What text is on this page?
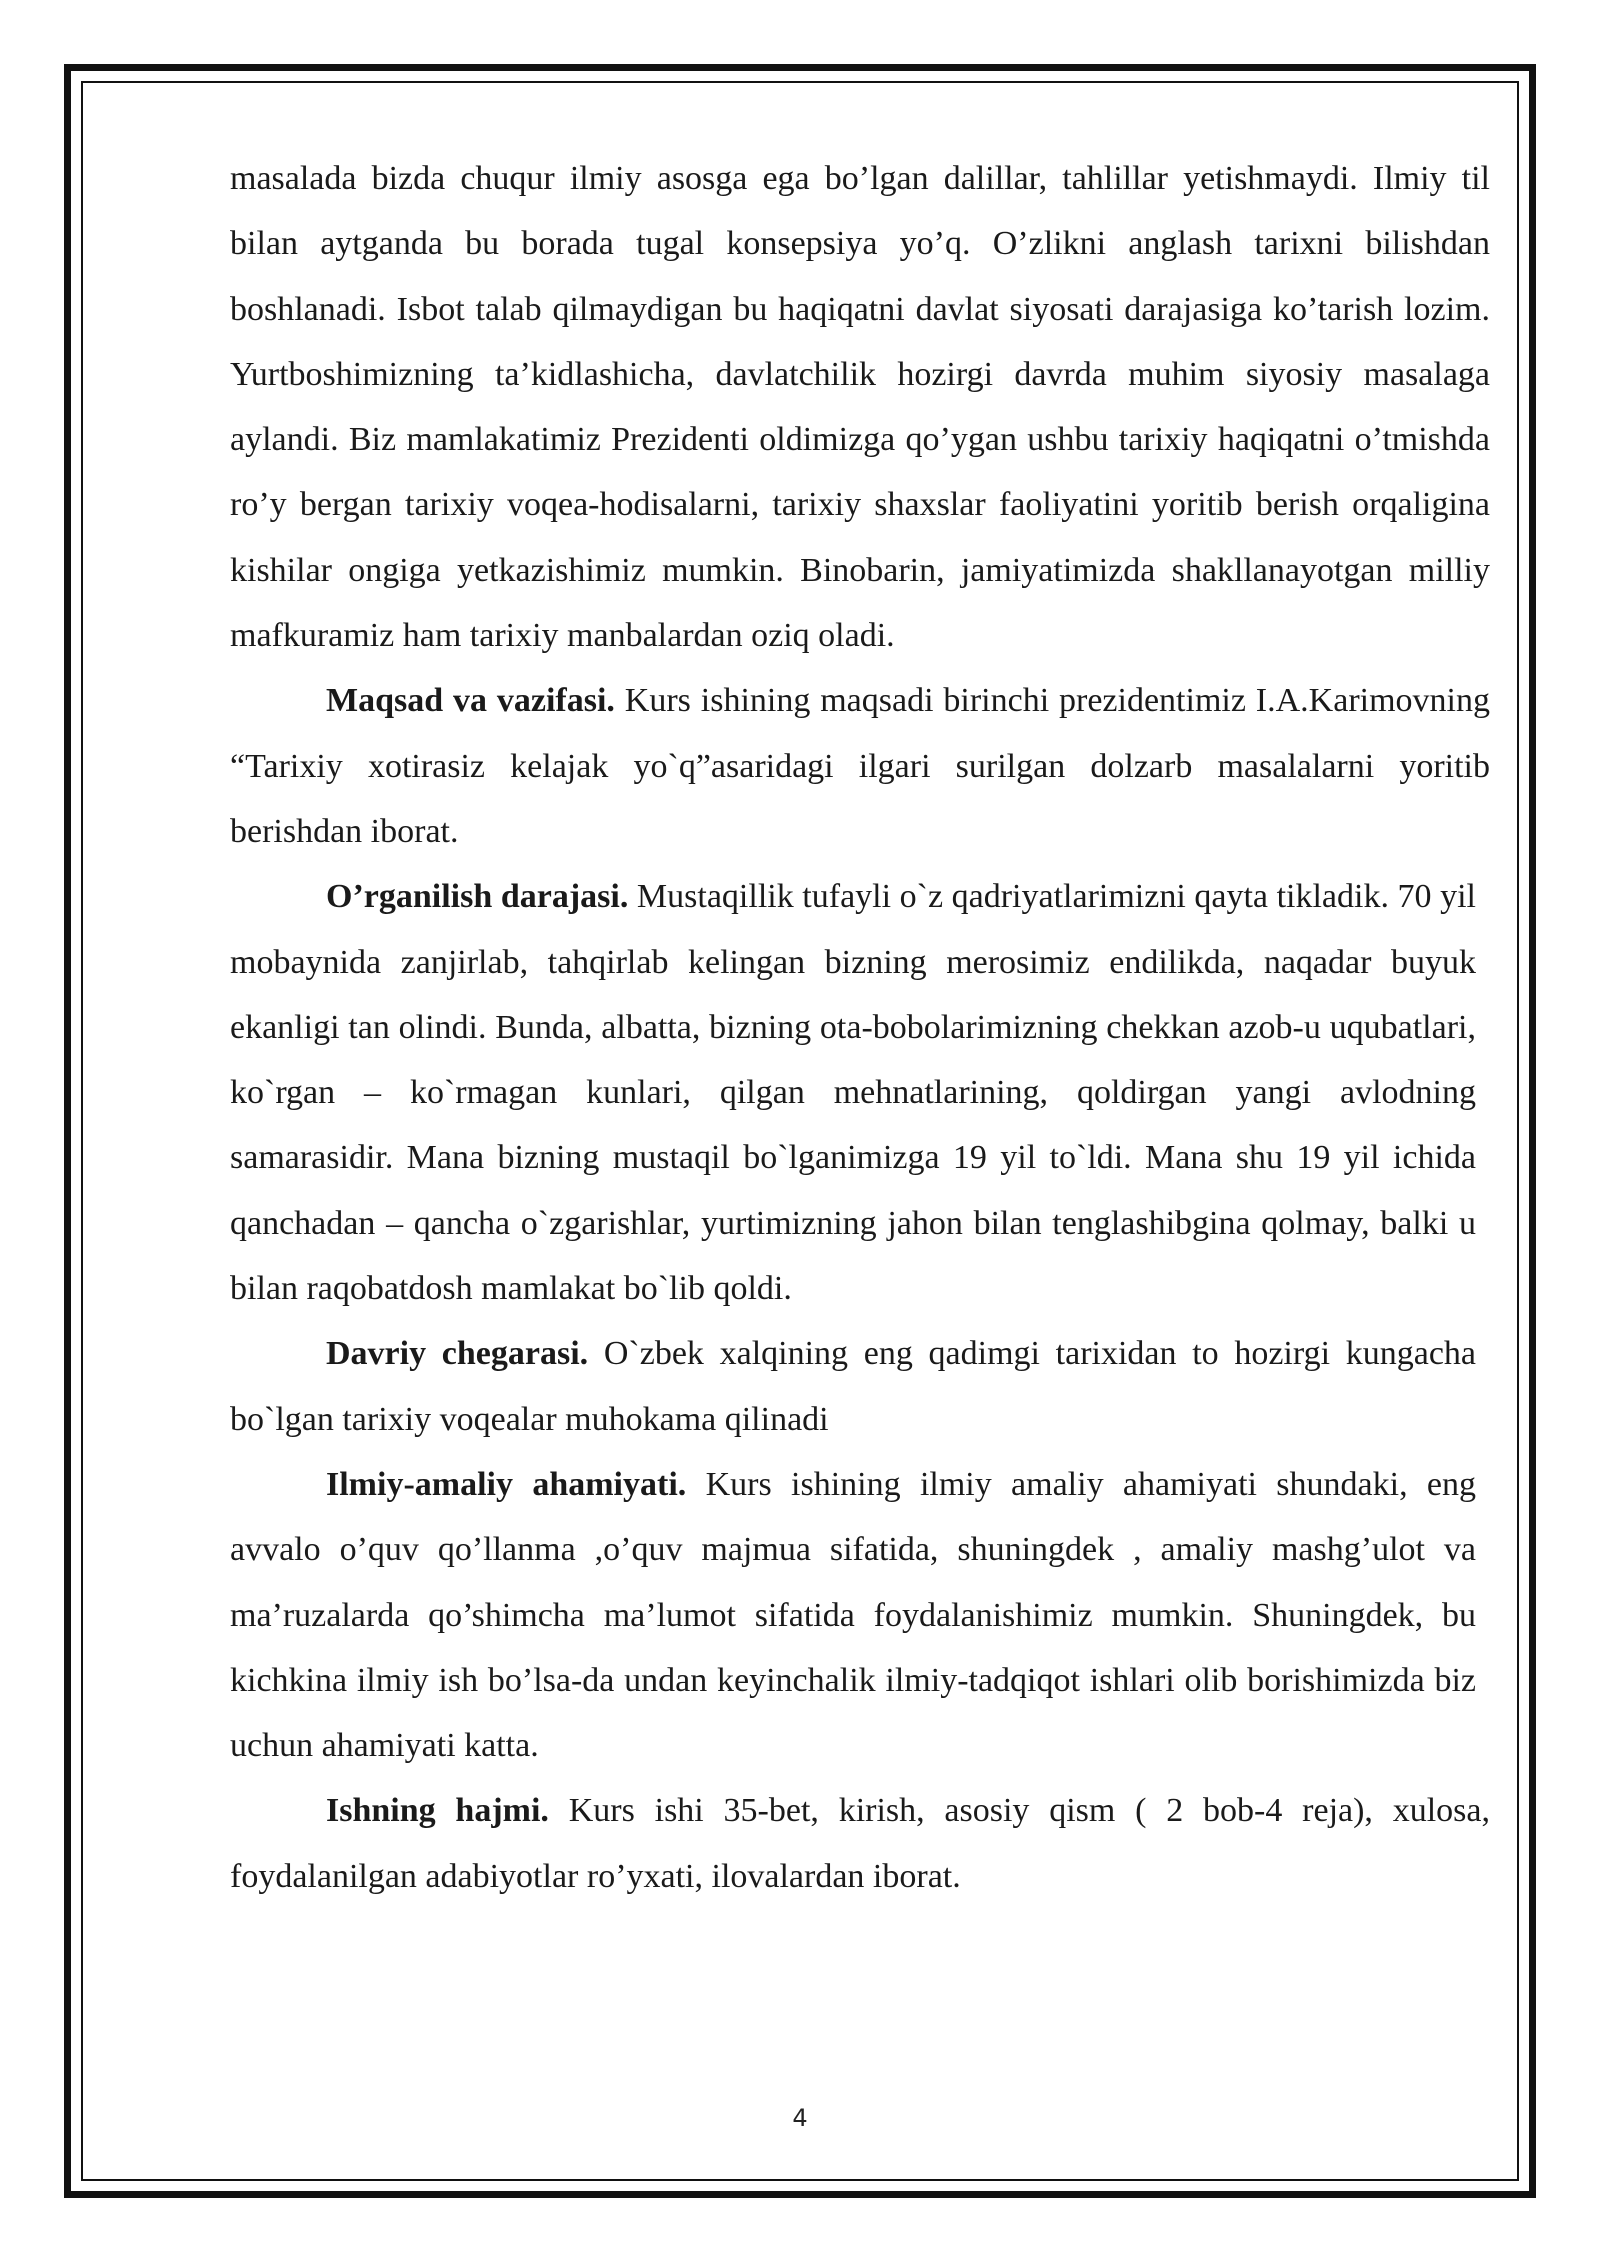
masalada bizda chuqur ilmiy asosga ega bo’lgan dalillar, tahlillar yetishmaydi. Ilmiy til bilan aytganda bu borada tugal konsepsiya yo’q. O’zlikni anglash tarixni bilishdan boshlanadi. Isbot talab qilmaydigan bu haqiqatni davlat siyosati darajasiga ko’tarish lozim. Yurtboshimizning ta’kidlashicha, davlatchilik hozirgi davrda muhim siyosiy masalaga aylandi. Biz mamlakatimiz Prezidenti oldimizga qo’ygan ushbu tarixiy haqiqatni o’tmishda ro’y bergan tarixiy voqea-hodisalarni, tarixiy shaxslar faoliyatini yoritib berish orqaligina kishilar ongiga yetkazishimiz mumkin. Binobarin, jamiyatimizda shakllanayotgan milliy mafkuramiz ham tarixiy manbalardan oziq oladi.

Maqsad va vazifasi. Kurs ishining maqsadi birinchi prezidentimiz I.A.Karimovning “Tarixiy xotirasiz kelajak yo`q”asaridagi ilgari surilgan dolzarb masalalarni yoritib berishdan iborat.

O’rganilish darajasi. Mustaqillik tufayli o`z qadriyatlarimizni qayta tikladik. 70 yil mobaynida zanjirlab, tahqirlab kelingan bizning merosimiz endilikda, naqadar buyuk ekanligi tan olindi. Bunda, albatta, bizning ota-bobolarimizning chekkan azob-u uqubatlari, ko`rgan – ko`rmagan kunlari, qilgan mehnatlarining, qoldirgan yangi avlodning samarasidir. Mana bizning mustaqil bo`lganimizga 19 yil to`ldi. Mana shu 19 yil ichida qanchadan – qancha o`zgarishlar, yurtimizning jahon bilan tenglashibgina qolmay, balki u bilan raqobatdosh mamlakat bo`lib qoldi.

Davriy chegarasi. O`zbek xalqining eng qadimgi tarixidan to hozirgi kungacha bo`lgan tarixiy voqealar muhokama qilinadi

Ilmiy-amaliy ahamiyati. Kurs ishining ilmiy amaliy ahamiyati shundaki, eng avvalo o’quv qo’llanma ,o’quv majmua sifatida, shuningdek , amaliy mashg’ulot va ma’ruzalarda qo’shimcha ma’lumot sifatida foydalanishimiz mumkin. Shuningdek, bu kichkina ilmiy ish bo’lsa-da undan keyinchalik ilmiy-tadqiqot ishlari olib borishimizda biz uchun ahamiyati katta.

Ishning hajmi. Kurs ishi 35-bet, kirish, asosiy qism ( 2 bob-4 reja), xulosa, foydalanilgan adabiyotlar ro’yxati, ilovalardan iborat.

4
